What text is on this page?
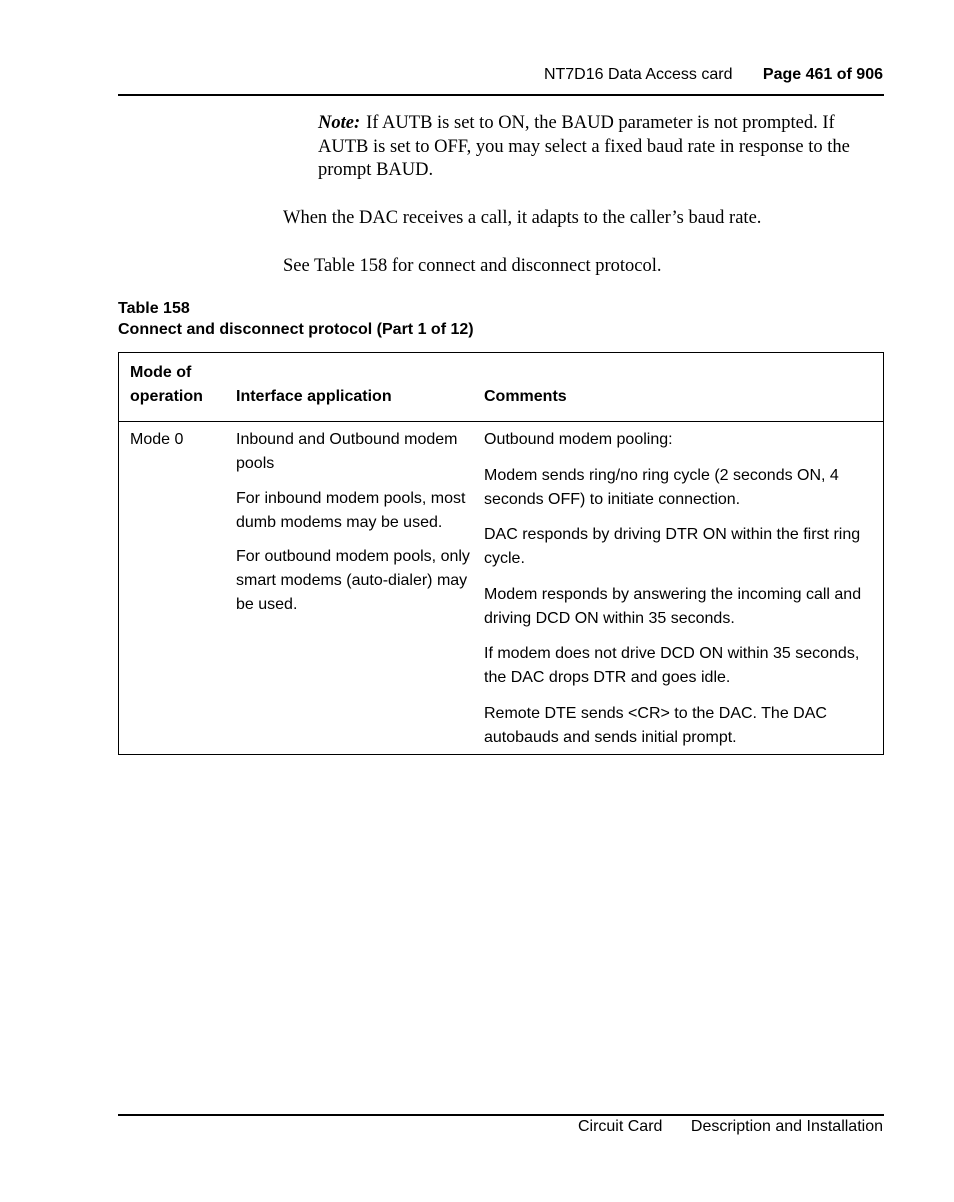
NT7D16 Data Access card Page 461 of 906
Note: If AUTB is set to ON, the BAUD parameter is not prompted. If AUTB is set to OFF, you may select a fixed baud rate in response to the prompt BAUD.
When the DAC receives a call, it adapts to the caller’s baud rate.
See Table 158 for connect and disconnect protocol.
Table 158
Connect and disconnect protocol (Part 1 of 12)
Mode of
operation Interface application	Comments

Mode 0	Inbound and Outbound modem pools

For inbound modem pools, most dumb modems may be used.

For outbound modem pools, only smart modems (auto-dialer) may be used.

Outbound modem pooling:

Modem sends ring/no ring cycle (2 seconds ON, 4 seconds OFF) to initiate connection.

DAC responds by driving DTR ON within the first ring cycle.

Modem responds by answering the incoming call and driving DCD ON within 35 seconds.

If modem does not drive DCD ON within 35 seconds, the DAC drops DTR and goes idle.

Remote DTE sends <CR> to the DAC. The DAC autobauds and sends initial prompt.

Circuit Card Description and Installation
